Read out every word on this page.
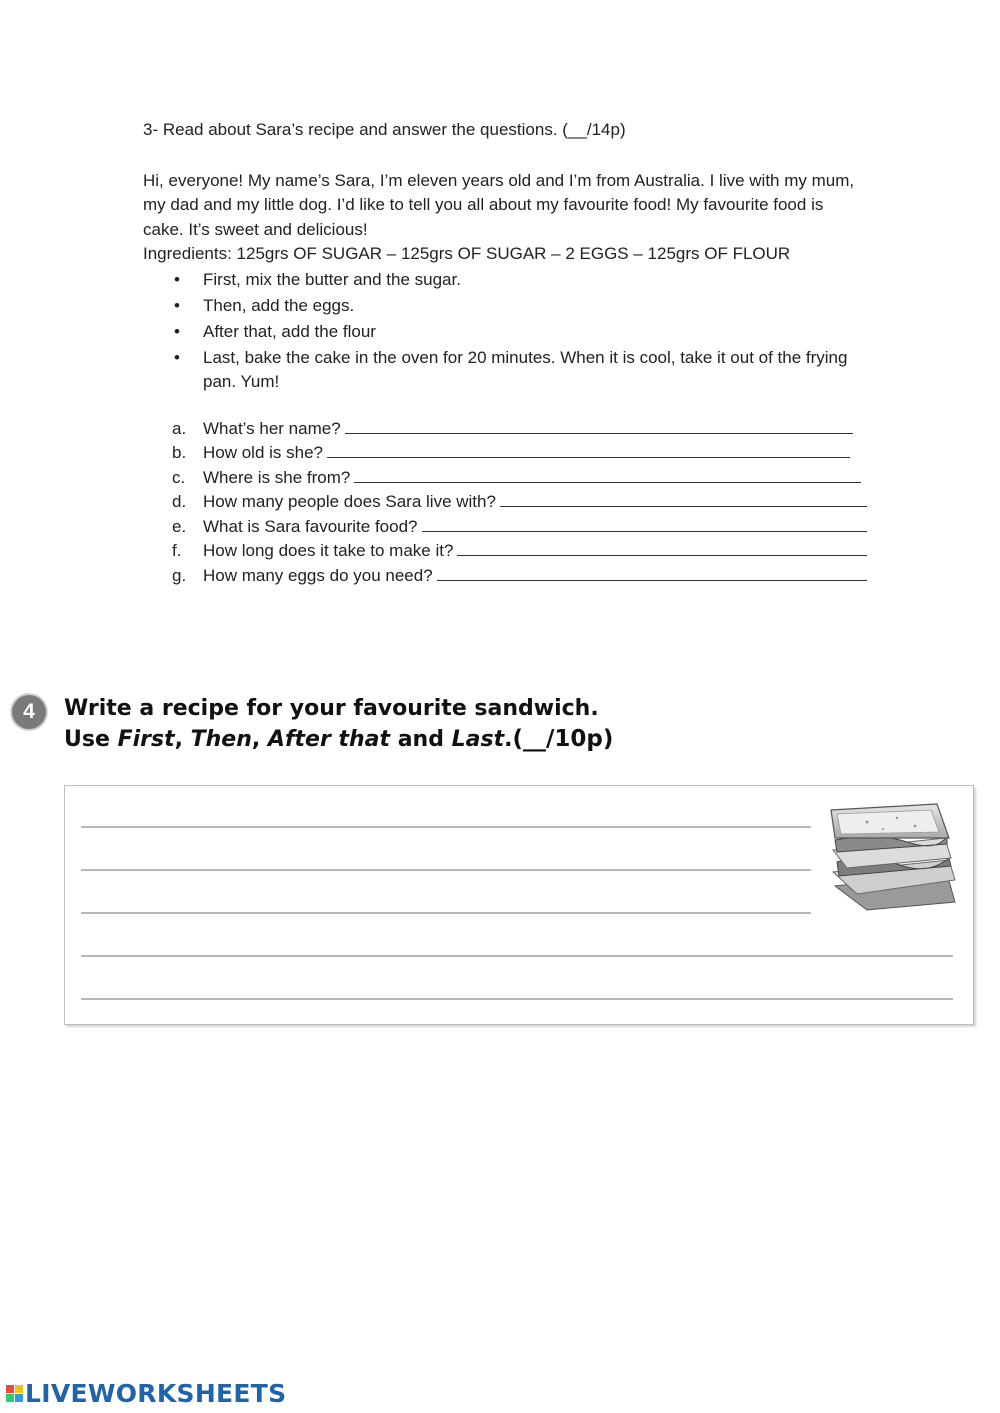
3- Read about Sara’s recipe and answer the questions. (__/14p)

Hi, everyone! My name’s Sara, I’m eleven years old and I’m from Australia. I live with my mum, my dad and my little dog. I’d like to tell you all about my favourite food! My favourite food is cake. It’s sweet and delicious!

Ingredients: 125grs OF SUGAR – 125grs OF SUGAR – 2 EGGS – 125grs OF FLOUR

• First, mix the butter and the sugar.
• Then, add the eggs.
• After that, add the flour
• Last, bake the cake in the oven for 20 minutes. When it is cool, take it out of the frying pan. Yum!
a. What’s her name?
b. How old is she?
c. Where is she from?
d. How many people does Sara live with?
e. What is Sara favourite food?
f. How long does it take to make it?
g. How many eggs do you need?
4	Write a recipe for your favourite sandwich.
Use First, Then, After that and Last.(__/10p)
LIVEWORKSHEETS
